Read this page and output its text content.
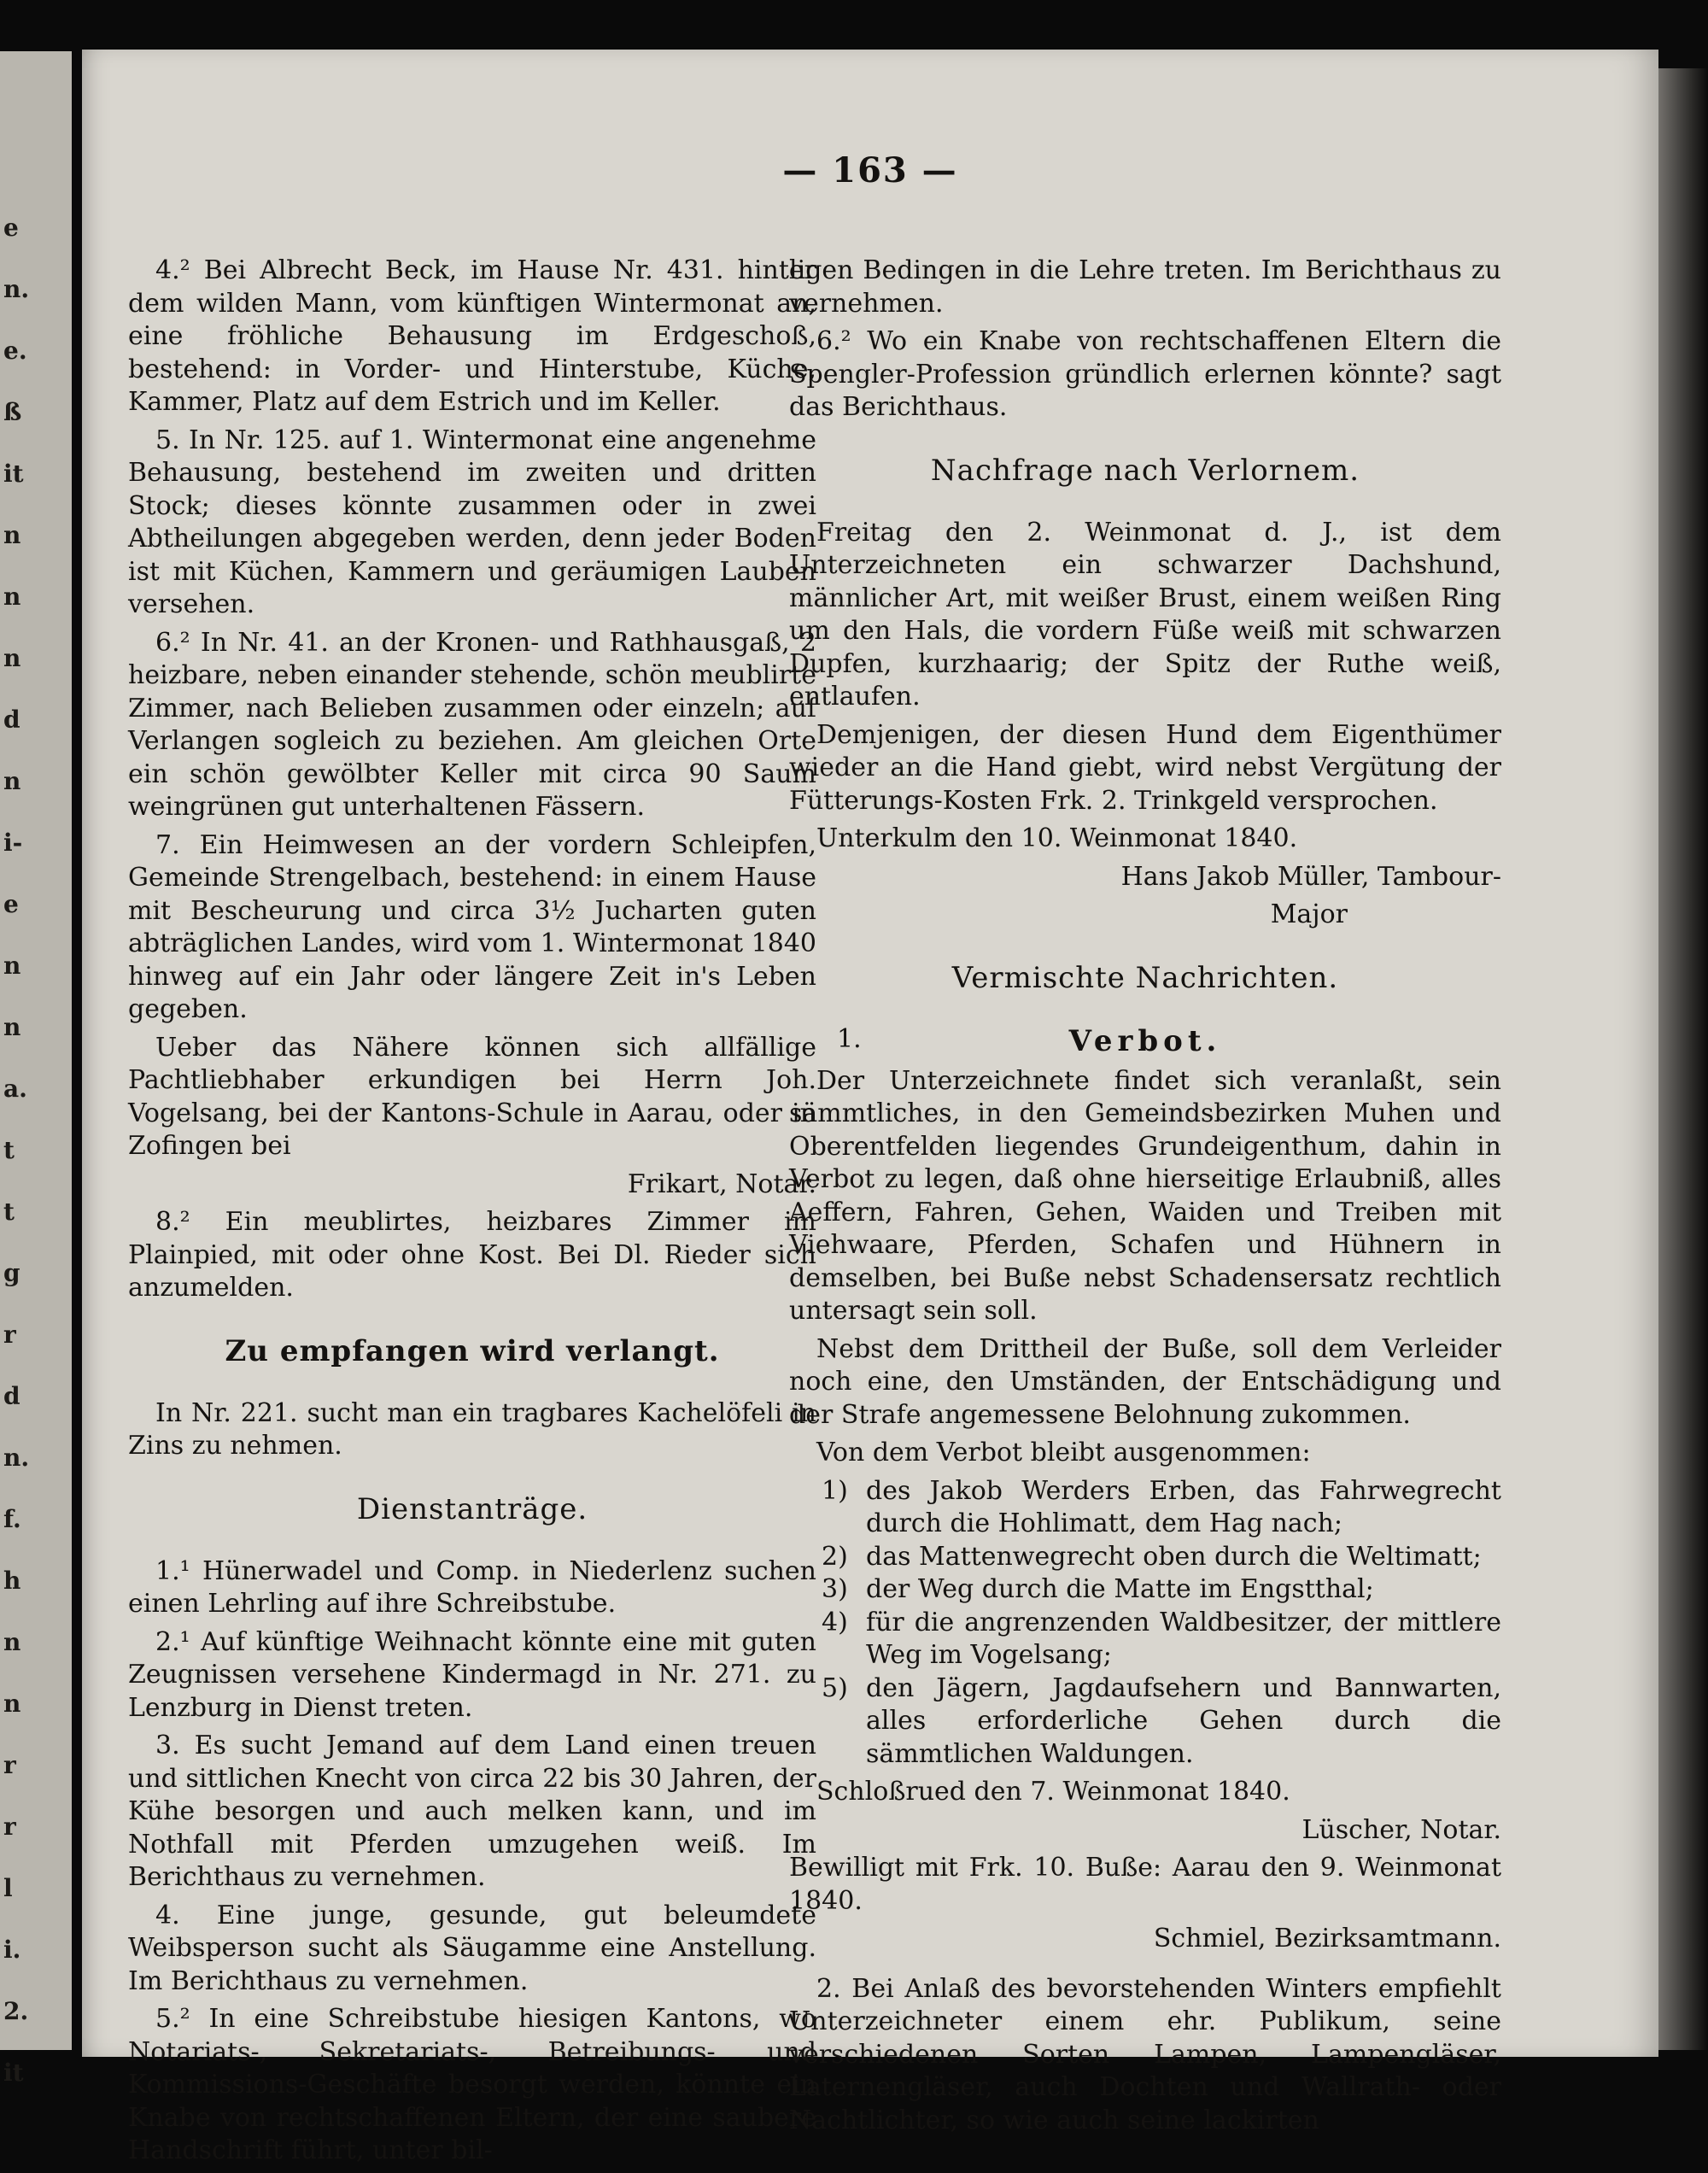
e
n.
e.
ß
it
n
n
n
d
n
i-
e
n
n
a.
t
t
g
r
d
n.
f.
h
n
n
r
r
l
i.
2.
it
— 163 —

4.² Bei Albrecht Beck, im Hause Nr. 431. hinter dem wilden Mann, vom künftigen Wintermonat an, eine fröhliche Behausung im Erdgeschoß, bestehend: in Vorder- und Hinterstube, Küche, Kammer, Platz auf dem Estrich und im Keller.

5. In Nr. 125. auf 1. Wintermonat eine angenehme Behausung, bestehend im zweiten und dritten Stock; dieses könnte zusammen oder in zwei Abtheilungen abgegeben werden, denn jeder Boden ist mit Küchen, Kammern und geräumigen Lauben versehen.

6.² In Nr. 41. an der Kronen- und Rathhausgaß, 2 heizbare, neben einander stehende, schön meublirte Zimmer, nach Belieben zusammen oder einzeln; auf Verlangen sogleich zu beziehen. Am gleichen Orte ein schön gewölbter Keller mit circa 90 Saum weingrünen gut unterhaltenen Fässern.

7. Ein Heimwesen an der vordern Schleipfen, Gemeinde Strengelbach, bestehend: in einem Hause mit Bescheurung und circa 3½ Jucharten guten abträglichen Landes, wird vom 1. Wintermonat 1840 hinweg auf ein Jahr oder längere Zeit in's Leben gegeben.

Ueber das Nähere können sich allfällige Pachtliebhaber erkundigen bei Herrn Joh. Vogelsang, bei der Kantons-Schule in Aarau, oder in Zofingen bei

Frikart, Notar.

8.² Ein meublirtes, heizbares Zimmer im Plainpied, mit oder ohne Kost. Bei Dl. Rieder sich anzumelden.

Zu empfangen wird verlangt.

In Nr. 221. sucht man ein tragbares Kachelöfeli in Zins zu nehmen.

Dienstanträge.

1.¹ Hünerwadel und Comp. in Niederlenz suchen einen Lehrling auf ihre Schreibstube.

2.¹ Auf künftige Weihnacht könnte eine mit guten Zeugnissen versehene Kindermagd in Nr. 271. zu Lenzburg in Dienst treten.

3. Es sucht Jemand auf dem Land einen treuen und sittlichen Knecht von circa 22 bis 30 Jahren, der Kühe besorgen und auch melken kann, und im Nothfall mit Pferden umzugehen weiß. Im Berichthaus zu vernehmen.

4. Eine junge, gesunde, gut beleumdete Weibsperson sucht als Säugamme eine Anstellung. Im Berichthaus zu vernehmen.

5.² In eine Schreibstube hiesigen Kantons, wo Notariats-, Sekretariats-, Betreibungs- und Kommissions-Geschäfte besorgt werden, könnte ein Knabe von rechtschaffenen Eltern, der eine saubere Handschrift führt, unter bil-

ligen Bedingen in die Lehre treten. Im Berichthaus zu vernehmen.

6.² Wo ein Knabe von rechtschaffenen Eltern die Spengler-Profession gründlich erlernen könnte? sagt das Berichthaus.

Nachfrage nach Verlornem.

Freitag den 2. Weinmonat d. J., ist dem Unterzeichneten ein schwarzer Dachshund, männlicher Art, mit weißer Brust, einem weißen Ring um den Hals, die vordern Füße weiß mit schwarzen Dupfen, kurzhaarig; der Spitz der Ruthe weiß, entlaufen.

Demjenigen, der diesen Hund dem Eigenthümer wieder an die Hand giebt, wird nebst Vergütung der Fütterungs-Kosten Frk. 2. Trinkgeld versprochen.

Unterkulm den 10. Weinmonat 1840.

Hans Jakob Müller, Tambour-

Major

Vermischte Nachrichten.
1.	Verbot.

Der Unterzeichnete findet sich veranlaßt, sein sämmtliches, in den Gemeindsbezirken Muhen und Oberentfelden liegendes Grundeigenthum, dahin in Verbot zu legen, daß ohne hierseitige Erlaubniß, alles Aeffern, Fahren, Gehen, Waiden und Treiben mit Viehwaare, Pferden, Schafen und Hühnern in demselben, bei Buße nebst Schadensersatz rechtlich untersagt sein soll.

Nebst dem Drittheil der Buße, soll dem Verleider noch eine, den Umständen, der Entschädigung und der Strafe angemessene Belohnung zukommen.

Von dem Verbot bleibt ausgenommen:

1) des Jakob Werders Erben, das Fahrwegrecht durch die Hohlimatt, dem Hag nach;
2) das Mattenwegrecht oben durch die Weltimatt;
3) der Weg durch die Matte im Engstthal;
4) für die angrenzenden Waldbesitzer, der mittlere Weg im Vogelsang;
5) den Jägern, Jagdaufsehern und Bannwarten, alles erforderliche Gehen durch die sämmtlichen Waldungen.

Schloßrued den 7. Weinmonat 1840.

Lüscher, Notar.

Bewilligt mit Frk. 10. Buße: Aarau den 9. Weinmonat 1840.

Schmiel, Bezirksamtmann.

2. Bei Anlaß des bevorstehenden Winters empfiehlt Unterzeichneter einem ehr. Publikum, seine verschiedenen Sorten Lampen, Lampengläser, Laternengläser, auch Dochten und Wallrath- oder Nachtlichter, so wie auch seine lackirten
